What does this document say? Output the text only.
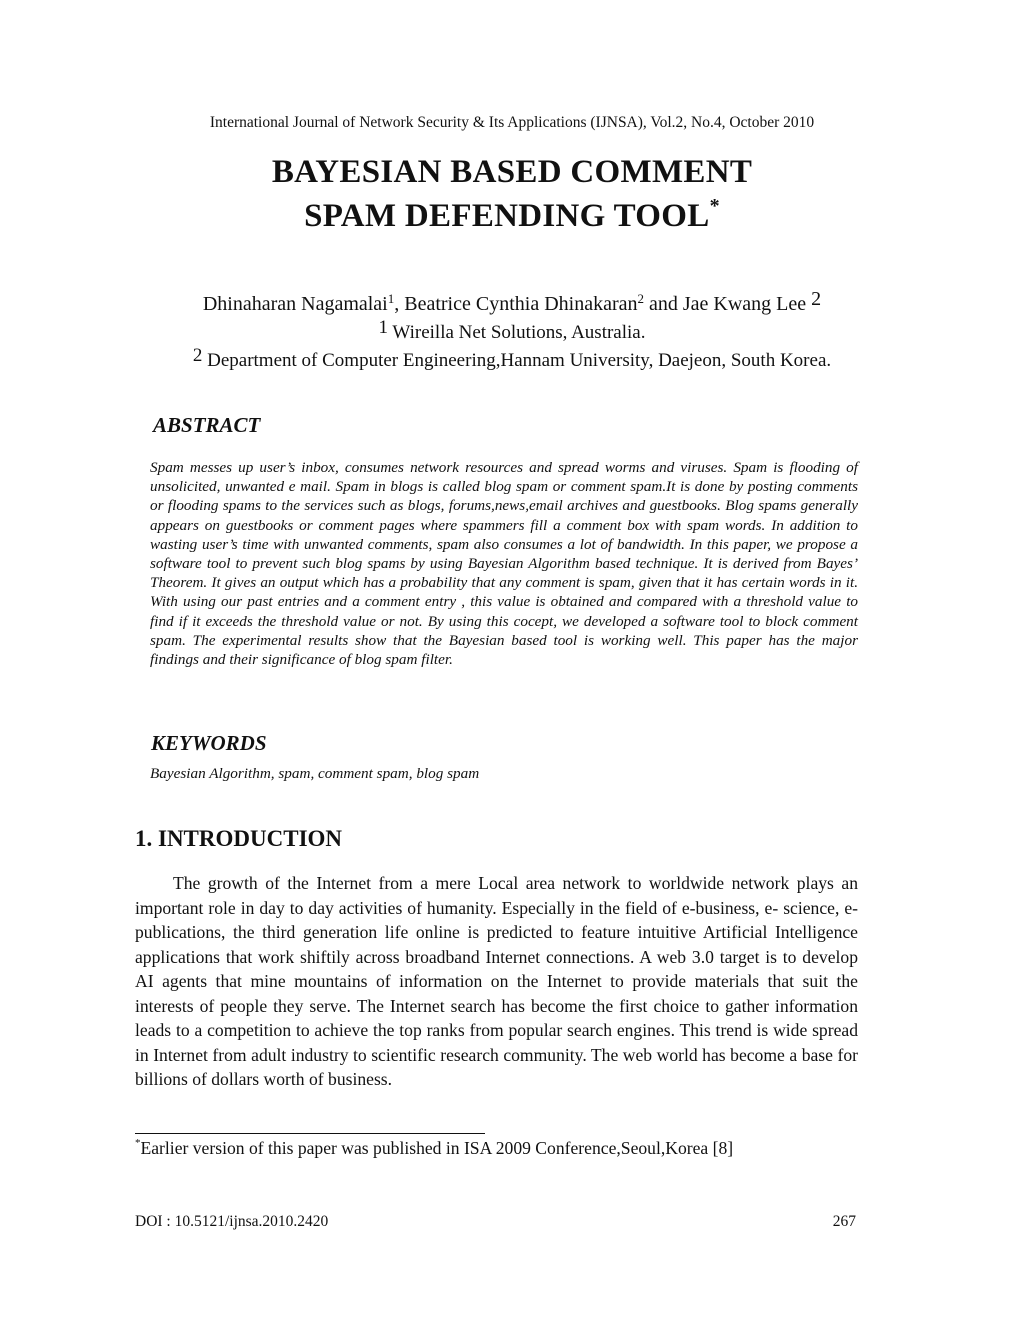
International Journal of Network Security & Its Applications (IJNSA), Vol.2, No.4, October 2010

BAYESIAN BASED COMMENT

SPAM DEFENDING TOOL*

Dhinaharan Nagamalai$^1$, Beatrice Cynthia Dhinakaran$^2$ and Jae Kwang Lee 2

1 Wireilla Net Solutions, Australia.

2 Department of Computer Engineering,Hannam University, Daejeon, South Korea.

ABSTRACT

Spam messes up user’s inbox, consumes network resources and spread worms and viruses. Spam is flooding of unsolicited, unwanted e mail. Spam in blogs is called blog spam or comment spam.It is done by posting comments or flooding spams to the services such as blogs, forums,news,email archives and guestbooks. Blog spams generally appears on guestbooks or comment pages where spammers fill a comment box with spam words. In addition to wasting user’s time with unwanted comments, spam also consumes a lot of bandwidth. In this paper, we propose a software tool to prevent such blog spams by using Bayesian Algorithm based technique. It is derived from Bayes’ Theorem. It gives an output which has a probability that any comment is spam, given that it has certain words in it. With using our past entries and a comment entry , this value is obtained and compared with a threshold value to find if it exceeds the threshold value or not. By using this cocept, we developed a software tool to block comment spam. The experimental results show that the Bayesian based tool is working well. This paper has the major findings and their significance of blog spam filter.

KEYWORDS

Bayesian Algorithm, spam, comment spam, blog spam

1. INTRODUCTION

The growth of the Internet from a mere Local area network to worldwide network plays an important role in day to day activities of humanity. Especially in the field of e-business, e- science, e-publications, the third generation life online is predicted to feature intuitive Artificial Intelligence applications that work shiftily across broadband Internet connections. A web 3.0 target is to develop AI agents that mine mountains of information on the Internet to provide materials that suit the interests of people they serve. The Internet search has become the first choice to gather information leads to a competition to achieve the top ranks from popular search engines. This trend is wide spread in Internet from adult industry to scientific research community. The web world has become a base for billions of dollars worth of business.

*Earlier version of this paper was published in ISA 2009 Conference,Seoul,Korea [8]

DOI : 10.5121/ijnsa.2010.2420	267
